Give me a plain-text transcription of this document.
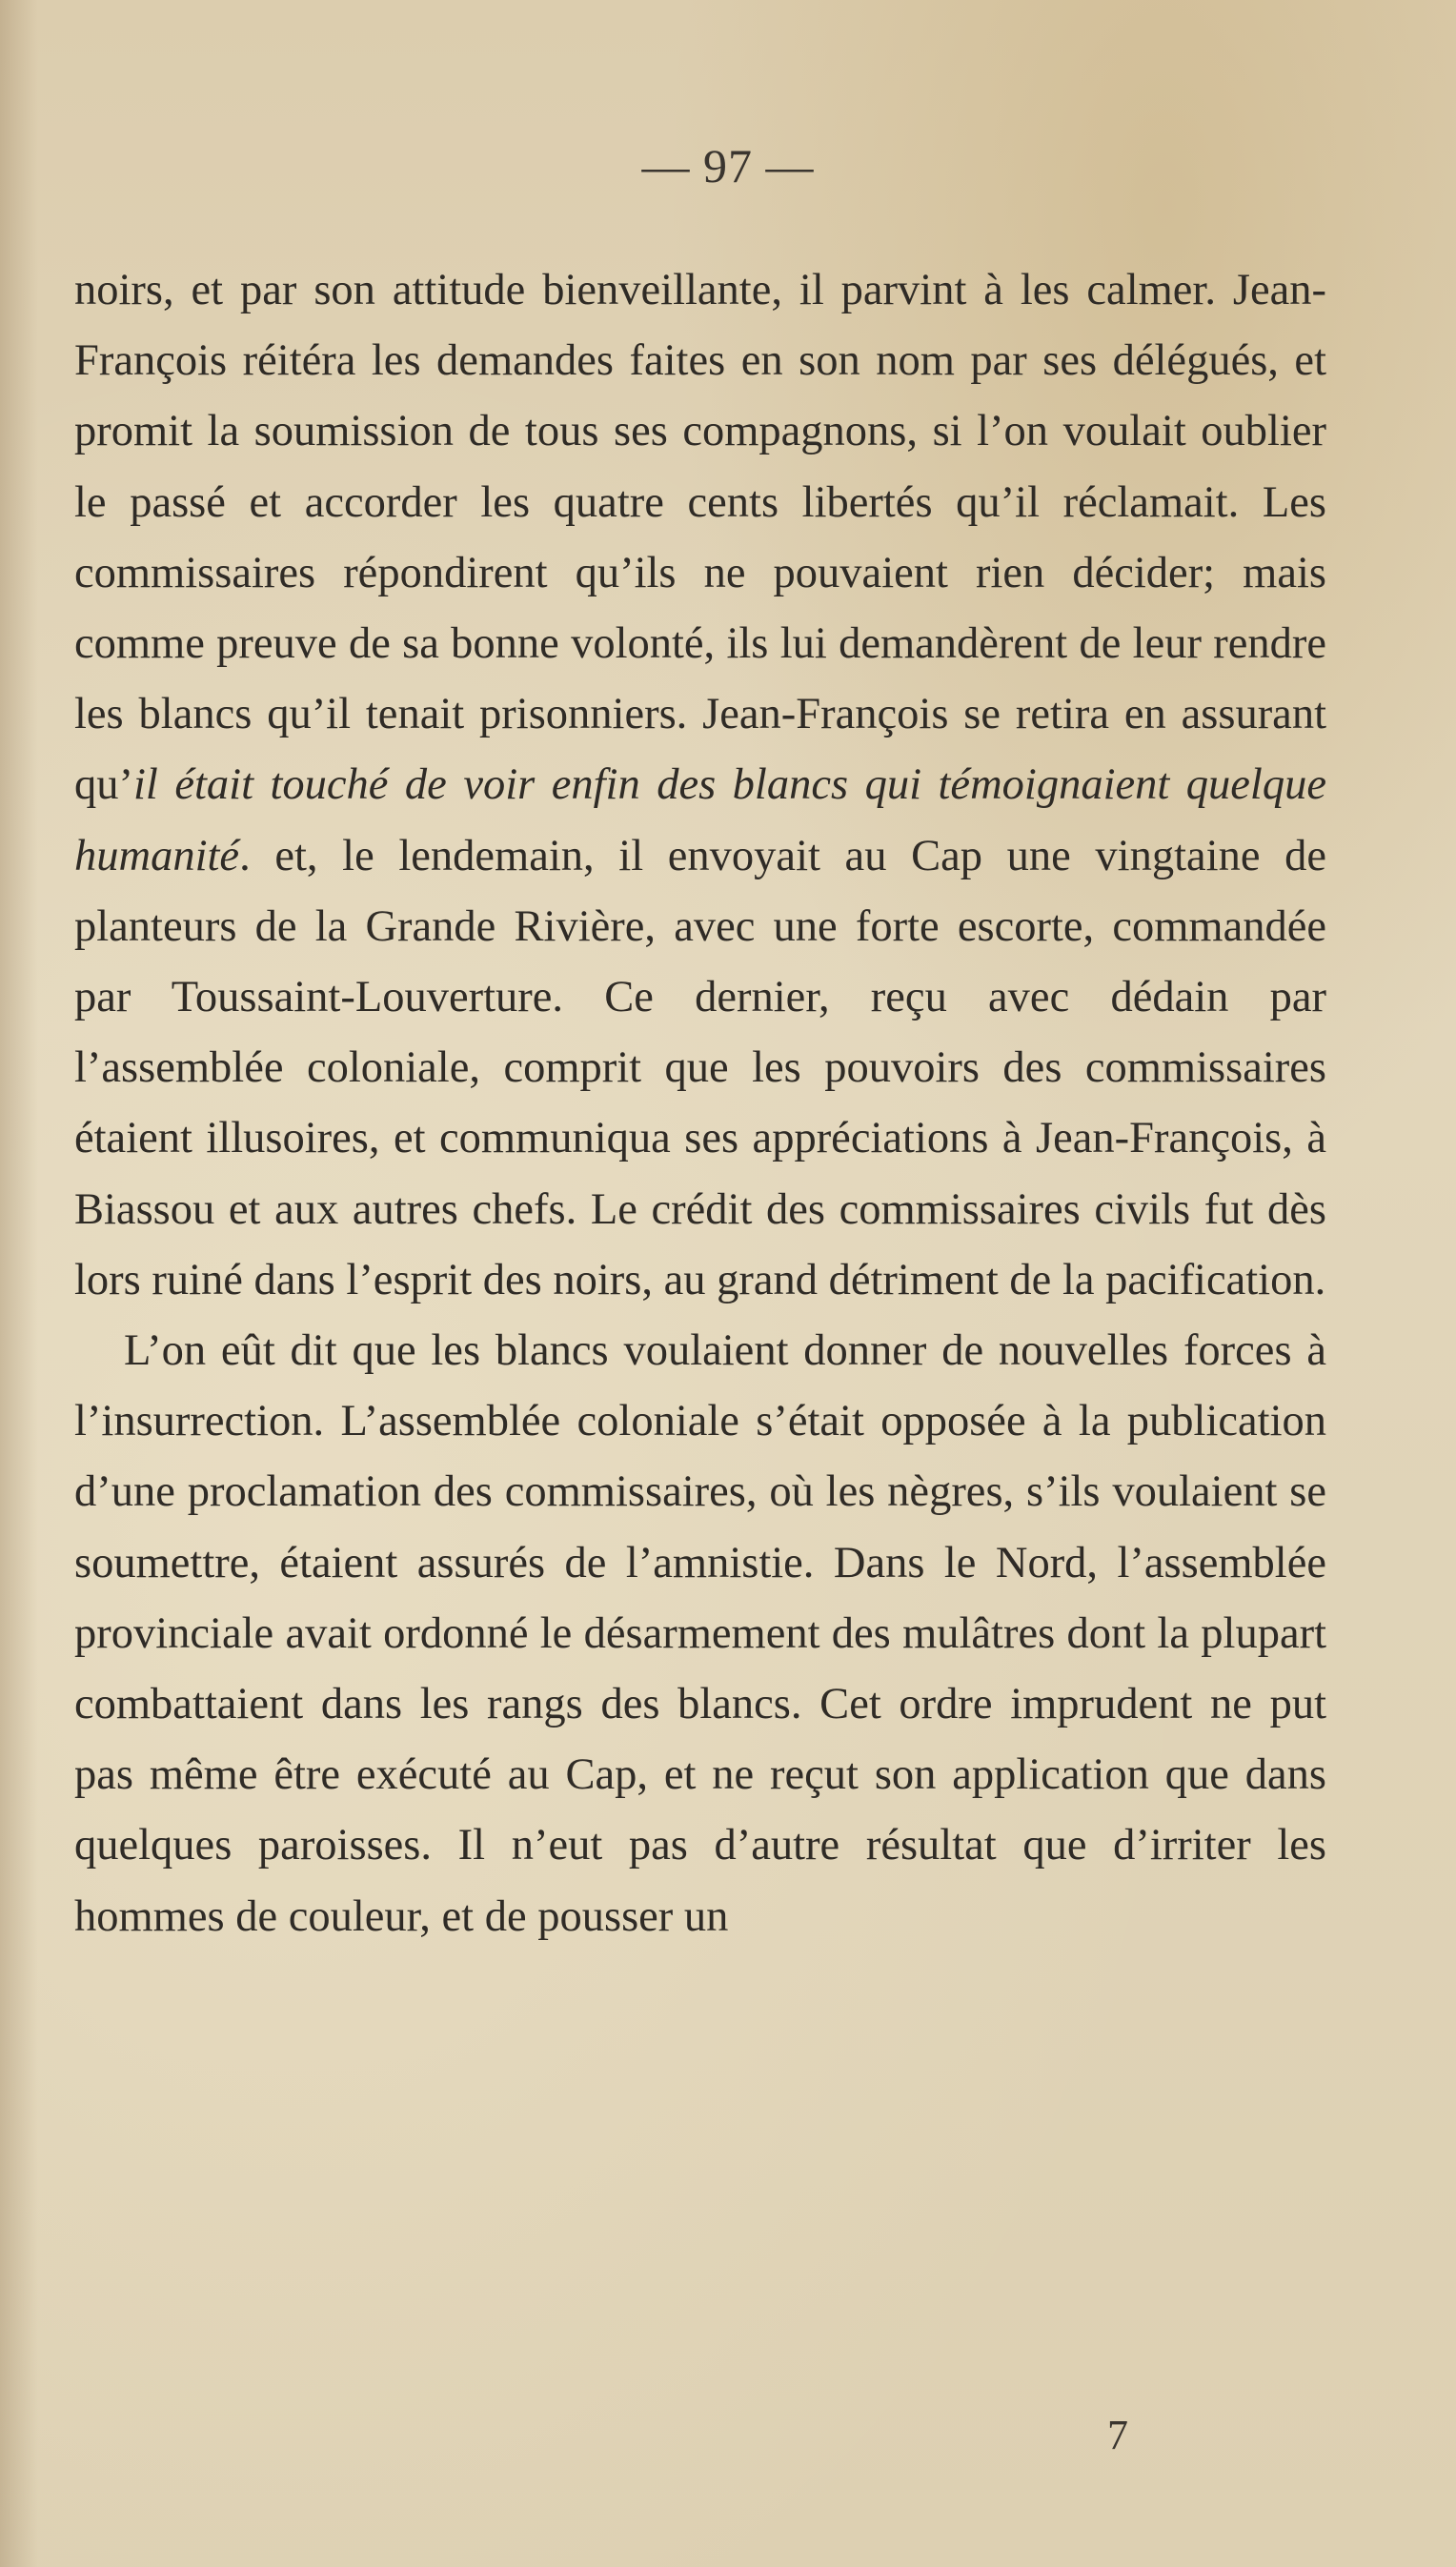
— 97 —

noirs, et par son attitude bienveillante, il parvint à les calmer. Jean-François réitéra les demandes faites en son nom par ses délégués, et promit la soumission de tous ses compagnons, si l’on voulait oublier le passé et accorder les quatre cents libertés qu’il réclamait. Les commissaires répondirent qu’ils ne pouvaient rien décider; mais comme preuve de sa bonne volonté, ils lui demandèrent de leur rendre les blancs qu’il tenait prisonniers. Jean-François se retira en assurant qu’il était touché de voir enfin des blancs qui témoignaient quelque humanité. et, le lendemain, il envoyait au Cap une vingtaine de planteurs de la Grande Rivière, avec une forte escorte, commandée par Toussaint-Louverture. Ce dernier, reçu avec dédain par l’assemblée coloniale, comprit que les pouvoirs des commissaires étaient illusoires, et communiqua ses appréciations à Jean-François, à Biassou et aux autres chefs. Le crédit des commissaires civils fut dès lors ruiné dans l’esprit des noirs, au grand détriment de la pacification.

L’on eût dit que les blancs voulaient donner de nouvelles forces à l’insurrection. L’assemblée coloniale s’était opposée à la publication d’une proclamation des commissaires, où les nègres, s’ils voulaient se soumettre, étaient assurés de l’amnistie. Dans le Nord, l’assemblée provinciale avait ordonné le désarmement des mulâtres dont la plupart combattaient dans les rangs des blancs. Cet ordre imprudent ne put pas même être exécuté au Cap, et ne reçut son application que dans quelques paroisses. Il n’eut pas d’autre résultat que d’irriter les hommes de couleur, et de pousser un

7
